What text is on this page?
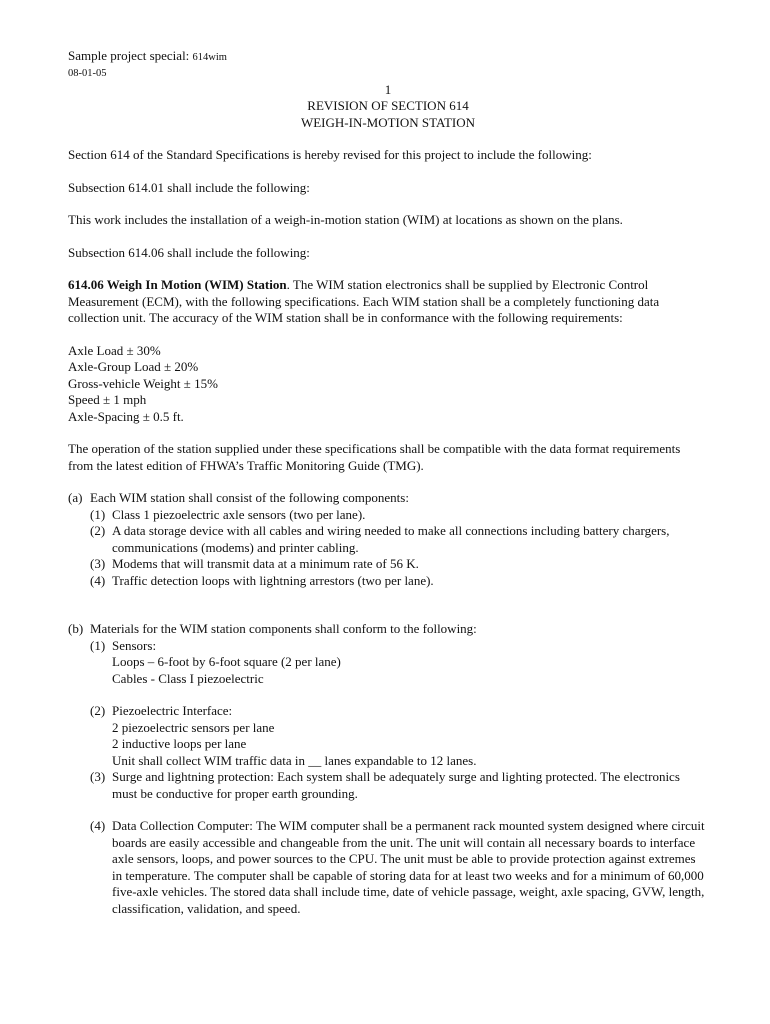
Sample project special: 614wim

08-01-05

1

REVISION OF SECTION 614

WEIGH-IN-MOTION STATION

Section 614 of the Standard Specifications is hereby revised for this project to include the following:

Subsection 614.01 shall include the following:

This work includes the installation of a weigh-in-motion station (WIM) at locations as shown on the plans.

Subsection 614.06 shall include the following:

614.06 Weigh In Motion (WIM) Station. The WIM station electronics shall be supplied by Electronic Control Measurement (ECM), with the following specifications. Each WIM station shall be a completely functioning data collection unit. The accuracy of the WIM station shall be in conformance with the following requirements:

Axle Load ± 30%
Axle-Group Load ± 20%
Gross-vehicle Weight ± 15%
Speed ± 1 mph
Axle-Spacing ± 0.5 ft.

The operation of the station supplied under these specifications shall be compatible with the data format requirements from the latest edition of FHWA’s Traffic Monitoring Guide (TMG).

(a) Each WIM station shall consist of the following components:
(1) Class 1 piezoelectric axle sensors (two per lane).
(2) A data storage device with all cables and wiring needed to make all connections including battery chargers, communications (modems) and printer cabling.
(3) Modems that will transmit data at a minimum rate of 56 K.
(4) Traffic detection loops with lightning arrestors (two per lane).
(b) Materials for the WIM station components shall conform to the following:
(1) Sensors:
Loops – 6-foot by 6-foot square (2 per lane)
Cables - Class I piezoelectric
(2) Piezoelectric Interface:
2 piezoelectric sensors per lane
2 inductive loops per lane
Unit shall collect WIM traffic data in __ lanes expandable to 12 lanes.
(3) Surge and lightning protection: Each system shall be adequately surge and lighting protected. The electronics must be conductive for proper earth grounding.
(4) Data Collection Computer: The WIM computer shall be a permanent rack mounted system designed where circuit boards are easily accessible and changeable from the unit. The unit will contain all necessary boards to interface axle sensors, loops, and power sources to the CPU. The unit must be able to provide protection against extremes in temperature. The computer shall be capable of storing data for at least two weeks and for a minimum of 60,000 five-axle vehicles. The stored data shall include time, date of vehicle passage, weight, axle spacing, GVW, length, classification, validation, and speed.
